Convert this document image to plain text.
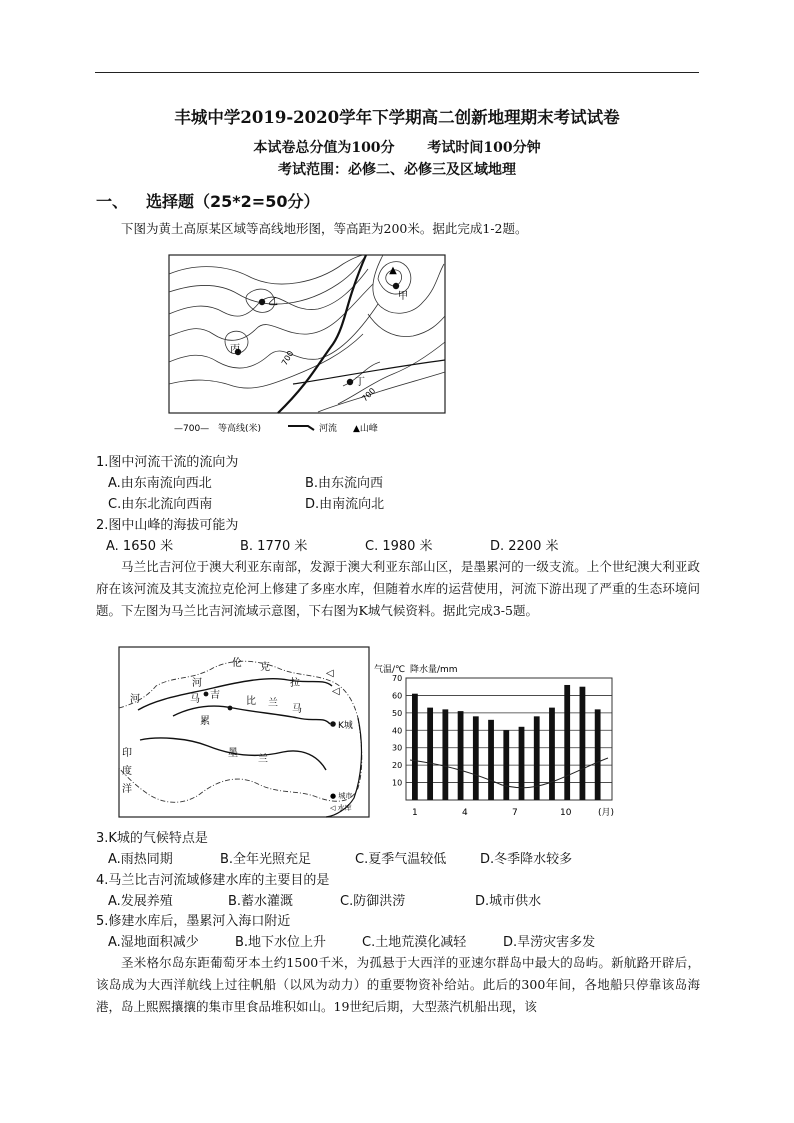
丰城中学2019-2020学年下学期高二创新地理期末考试试卷
本试卷总分值为100分　　 考试时间100分钟
考试范围：必修二、必修三及区域地理
一、 选择题（25*2=50分）
下图为黄土高原某区域等高线地形图，等高距为200米。据此完成1-2题。
▲
乙
丙
甲
丁
700
700
—700— 等高线(米)	河流 ▲山峰
1.图中河流干流的流向为
A.由东南流向西北	B.由东流向西
C.由东北流向西南	D.由南流向北
2.图中山峰的海拔可能为
A. 1650 米	B. 1770 米	C. 1980 米	D. 2200 米
马兰比吉河位于澳大利亚东南部，发源于澳大利亚东部山区，是墨累河的一级支流。上个世纪澳大利亚政府在该河流及其支流拉克伦河上修建了多座水库，但随着水库的运营使用，河流下游出现了严重的生态环境问题。下左图为马兰比吉河流域示意图，下右图为K城气候资料。据此完成3-5题。
◁
◁
伦 克
拉
河
马 吉
比 兰
马
河
累
墨
兰
K城
印
度
洋
● 城市
◁ 水库
气温/℃ 降水量/mm
10
20
30
40
50
60
70
1	4	7	10	(月)
3.K城的气候特点是
A.雨热同期	B.全年光照充足	C.夏季气温较低	D.冬季降水较多
4.马兰比吉河流域修建水库的主要目的是
A.发展养殖	B.蓄水灌溉	C.防御洪涝	D.城市供水
5.修建水库后，墨累河入海口附近
A.湿地面积减少	B.地下水位上升	C.土地荒漠化减轻	D.旱涝灾害多发
圣米格尔岛东距葡萄牙本土约1500千米，为孤悬于大西洋的亚速尔群岛中最大的岛屿。新航路开辟后，该岛成为大西洋航线上过往帆船（以风为动力）的重要物资补给站。此后的300年间，各地船只停靠该岛海港，岛上熙熙攘攘的集市里食品堆积如山。19世纪后期，大型蒸汽机船出现，该
